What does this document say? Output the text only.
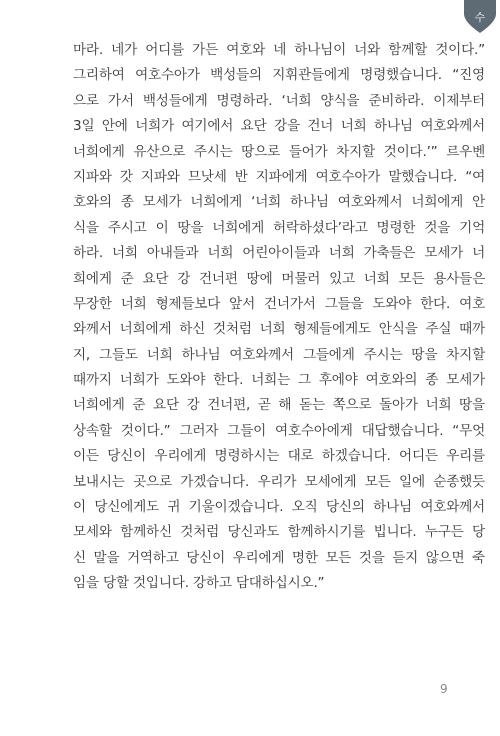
수
마라. 네가 어디를 가든 여호와 네 하나님이 너와 함께할 것이다.”
그리하여 여호수아가 백성들의 지휘관들에게 명령했습니다. “진영
으로 가서 백성들에게 명령하라. ‘너희 양식을 준비하라. 이제부터
3일 안에 너희가 여기에서 요단 강을 건너 너희 하나님 여호와께서
너희에게 유산으로 주시는 땅으로 들어가 차지할 것이다.’” 르우벤
지파와 갓 지파와 므낫세 반 지파에게 여호수아가 말했습니다. “여
호와의 종 모세가 너희에게 ‘너희 하나님 여호와께서 너희에게 안
식을 주시고 이 땅을 너희에게 허락하셨다’라고 명령한 것을 기억
하라. 너희 아내들과 너희 어린아이들과 너희 가축들은 모세가 너
희에게 준 요단 강 건너편 땅에 머물러 있고 너희 모든 용사들은
무장한 너희 형제들보다 앞서 건너가서 그들을 도와야 한다. 여호
와께서 너희에게 하신 것처럼 너희 형제들에게도 안식을 주실 때까
지, 그들도 너희 하나님 여호와께서 그들에게 주시는 땅을 차지할
때까지 너희가 도와야 한다. 너희는 그 후에야 여호와의 종 모세가
너희에게 준 요단 강 건너편, 곧 해 돋는 쪽으로 돌아가 너희 땅을
상속할 것이다.” 그러자 그들이 여호수아에게 대답했습니다. “무엇
이든 당신이 우리에게 명령하시는 대로 하겠습니다. 어디든 우리를
보내시는 곳으로 가겠습니다. 우리가 모세에게 모든 일에 순종했듯
이 당신에게도 귀 기울이겠습니다. 오직 당신의 하나님 여호와께서
모세와 함께하신 것처럼 당신과도 함께하시기를 빕니다. 누구든 당
신 말을 거역하고 당신이 우리에게 명한 모든 것을 듣지 않으면 죽
임을 당할 것입니다. 강하고 담대하십시오.”
9
